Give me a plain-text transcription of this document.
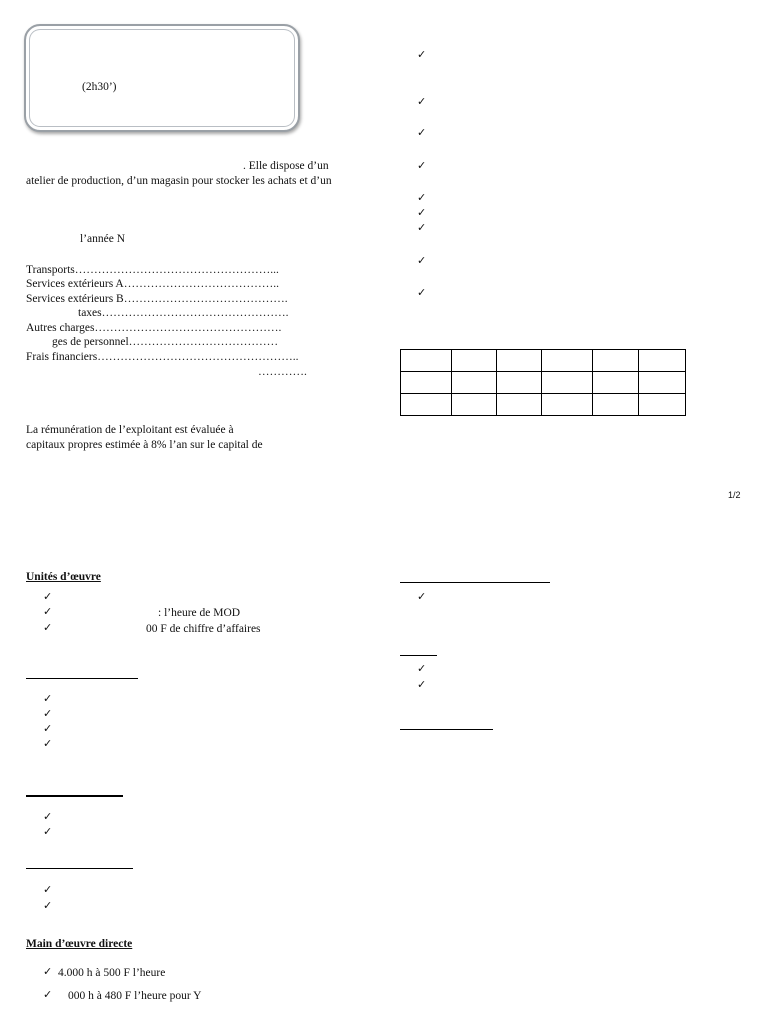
(2h30’)
. Elle dispose d’un
atelier de production, d’un magasin pour stocker les achats et d’un
l’année N
Transports……………………………………………...
Services extérieurs A…………………………………..
Services extérieurs B…………………………………….
taxes………………………………………….
Autres charges………………………………………….
ges de personnel…………………………………
Frais financiers……………………………………………..
………….
La rémunération de l’exploitant est évaluée à
capitaux propres estimée à 8% l’an sur le capital de
✓
✓
✓
✓
✓
✓
✓
✓
✓

1/2
Unités d’œuvre
✓
✓	: l’heure de MOD
✓	00 F de chiffre d’affaires
✓
✓
✓
✓
✓
✓
✓
✓
Main d’œuvre directe
✓ 4.000 h à 500 F l’heure
✓ 000 h à 480 F l’heure pour Y
✓
✓
✓
